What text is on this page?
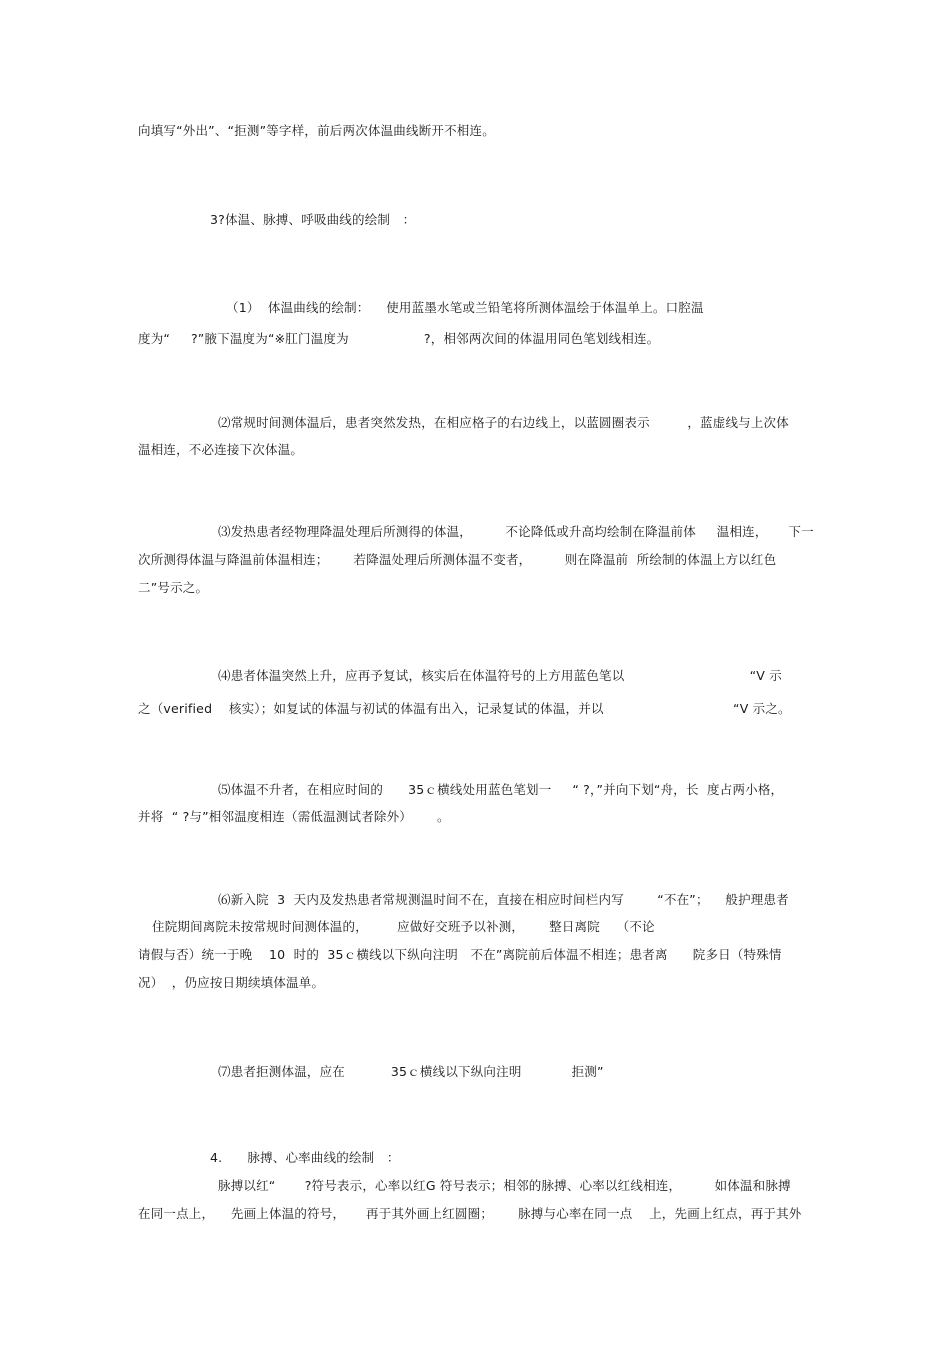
向填写“外出”、“拒测”等字样，前后两次体温曲线断开不相连。
3?体温、脉搏、呼吸曲线的绘制   ：
（1）  体温曲线的绘制：    使用蓝墨水笔或兰铅笔将所测体温绘于体温单上。口腔温
度为“     ?”腋下温度为“※肛门温度为                  ?，相邻两次间的体温用同色笔划线相连。
⑵常规时间测体温后，患者突然发热，在相应格子的右边线上，以蓝圆圈表示         ，蓝虚线与上次体
温相连，不必连接下次体温。
⑶发热患者经物理降温处理后所测得的体温，        不论降低或升高均绘制在降温前体     温相连，     下一
次所测得体温与降温前体温相连；      若降温处理后所测体温不变者，        则在降温前  所绘制的体温上方以红色
二”号示之。
⑷患者体温突然上升，应再予复试，核实后在体温符号的上方用蓝色笔以                              “V 示
之（verified    核实）；如复试的体温与初试的体温有出入，记录复试的体温，并以                               “V 示之。
⑸体温不升者，在相应时间的      35ｃ横线处用蓝色笔划一     “ ?，”并向下划“舟，长  度占两小格，
并将  “ ?与”相邻温度相连（需低温测试者除外）      。
⑹新入院  3  天内及发热患者常规测温时间不在，直接在相应时间栏内写        “不在”；    般护理患者
住院期间离院未按常规时间测体温的，       应做好交班予以补测，      整日离院    （不论
请假与否）统一于晚    10  时的  35ｃ横线以下纵向注明   不在”离院前后体温不相连；患者离      院多日（特殊情
况）  ，仍应按日期续填体温单。
⑺患者拒测体温，应在           35ｃ横线以下纵向注明            拒测”
4.      脉搏、心率曲线的绘制   ：
脉搏以红“       ?符号表示，心率以红G 符号表示；相邻的脉搏、心率以红线相连，        如体温和脉搏
在同一点上，    先画上体温的符号，     再于其外画上红圆圈；      脉搏与心率在同一点    上，先画上红点，再于其外
